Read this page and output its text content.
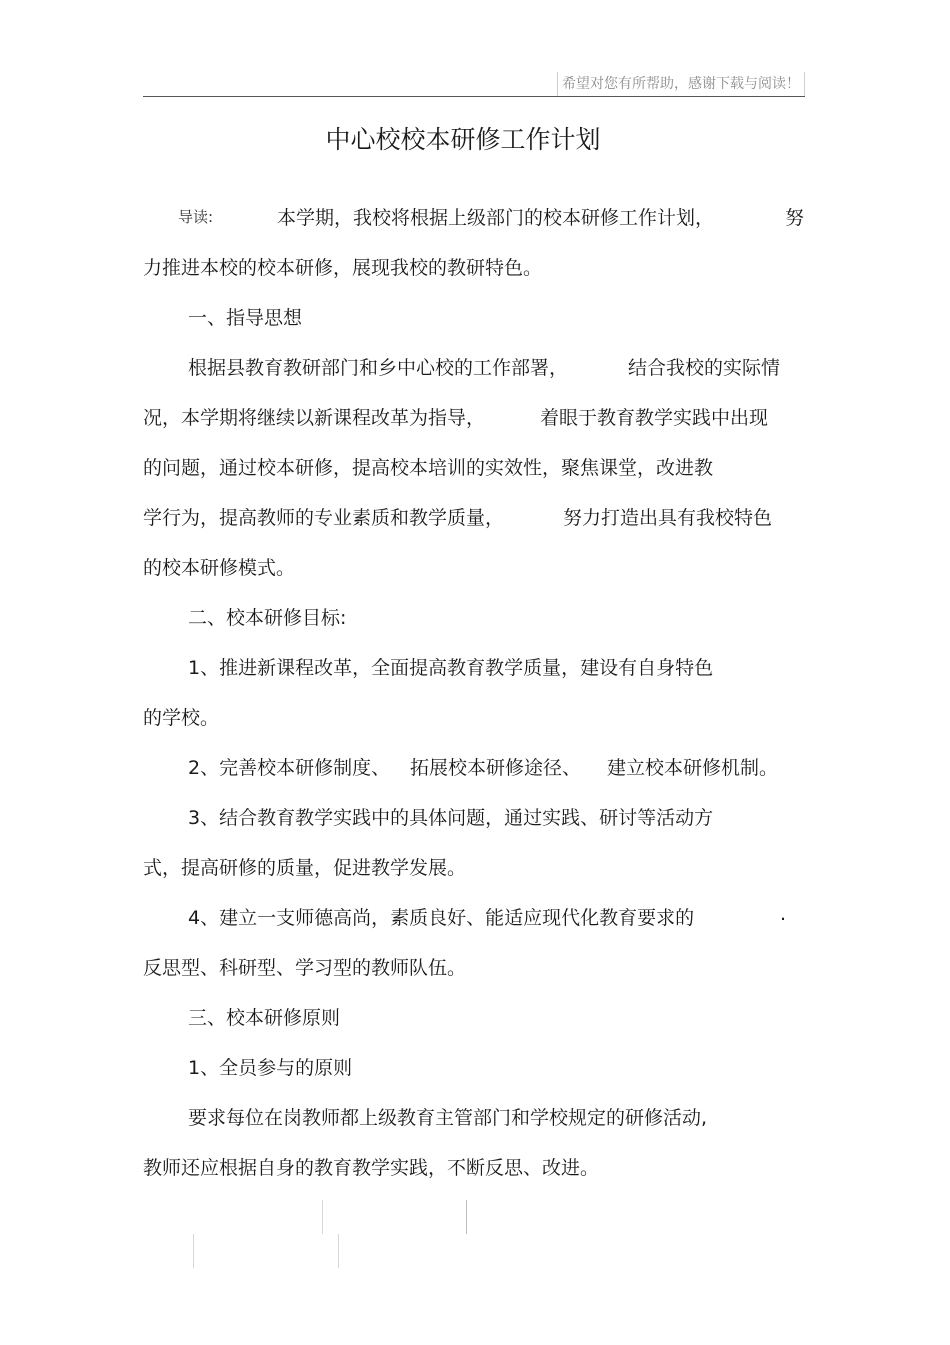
希望对您有所帮助，感谢下载与阅读！
中心校校本研修工作计划
导读:	本学期，我校将根据上级部门的校本研修工作计划，	努
力推进本校的校本研修，展现我校的教研特色。
一、指导思想
根据县教育教研部门和乡中心校的工作部署，	结合我校的实际情
况，本学期将继续以新课程改革为指导，	着眼于教育教学实践中出现
的问题，通过校本研修，提高校本培训的实效性，聚焦课堂，改进教
学行为，提高教师的专业素质和教学质量，	努力打造出具有我校特色
的校本研修模式。
二、校本研修目标:
1、推进新课程改革，全面提高教育教学质量，建设有自身特色
的学校。
2、完善校本研修制度、 拓展校本研修途径、 建立校本研修机制。
3、结合教育教学实践中的具体问题，通过实践、研讨等活动方
式，提高研修的质量，促进教学发展。
4、建立一支师德高尚，素质良好、能适应现代化教育要求的	.
反思型、科研型、学习型的教师队伍。
三、校本研修原则
1、全员参与的原则
要求每位在岗教师都上级教育主管部门和学校规定的研修活动,
教师还应根据自身的教育教学实践，不断反思、改进。
